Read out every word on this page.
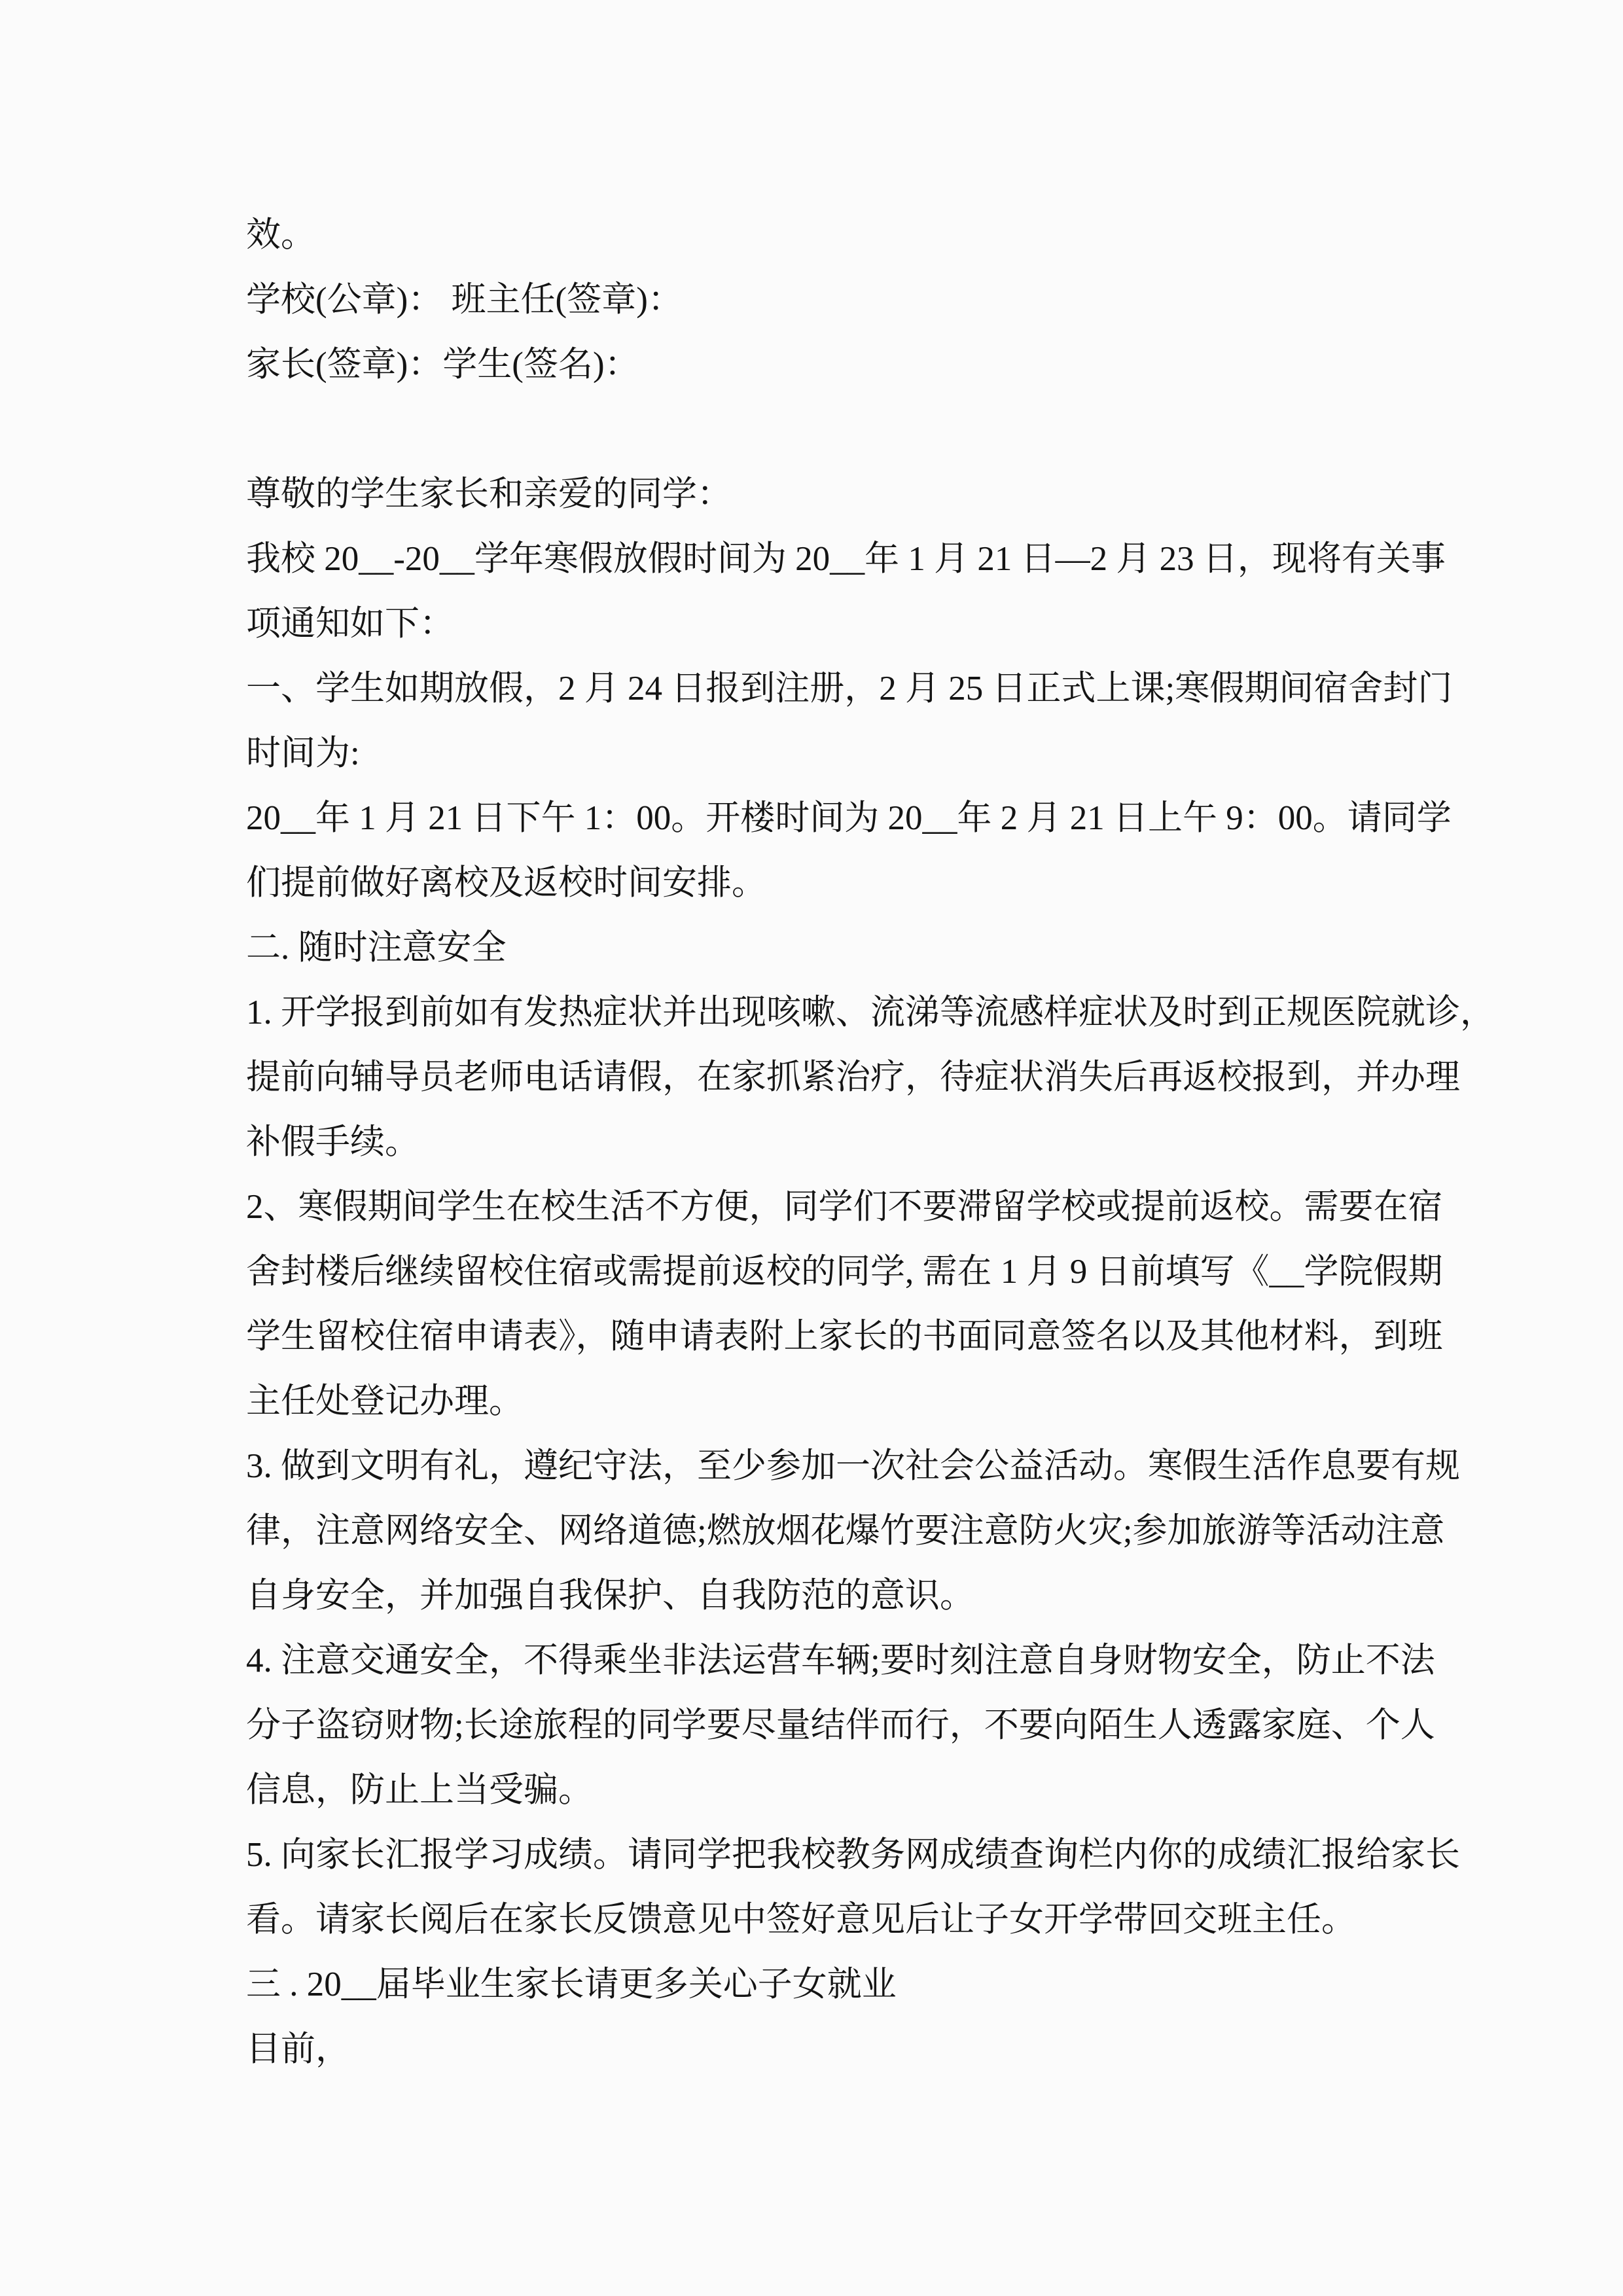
效。
学校(公章)： 班主任(签章)：
家长(签章)：学生(签名)：
尊敬的学生家长和亲爱的同学：
我校 20__-20__学年寒假放假时间为 20__年 1 月 21 日—2 月 23 日，现将有关事
项通知如下：
一、学生如期放假，2 月 24 日报到注册，2 月 25 日正式上课;寒假期间宿舍封门
时间为:
20__年 1 月 21 日下午 1：00。开楼时间为 20__年 2 月 21 日上午 9：00。请同学
们提前做好离校及返校时间安排。
二. 随时注意安全
1. 开学报到前如有发热症状并出现咳嗽、流涕等流感样症状及时到正规医院就诊，
提前向辅导员老师电话请假，在家抓紧治疗，待症状消失后再返校报到，并办理
补假手续。
2、寒假期间学生在校生活不方便，同学们不要滞留学校或提前返校。需要在宿
舍封楼后继续留校住宿或需提前返校的同学, 需在 1 月 9 日前填写《__学院假期
学生留校住宿申请表》，随申请表附上家长的书面同意签名以及其他材料，到班
主任处登记办理。
3. 做到文明有礼，遵纪守法，至少参加一次社会公益活动。寒假生活作息要有规
律，注意网络安全、网络道德;燃放烟花爆竹要注意防火灾;参加旅游等活动注意
自身安全，并加强自我保护、自我防范的意识。
4. 注意交通安全，不得乘坐非法运营车辆;要时刻注意自身财物安全，防止不法
分子盗窃财物;长途旅程的同学要尽量结伴而行，不要向陌生人透露家庭、个人
信息，防止上当受骗。
5. 向家长汇报学习成绩。请同学把我校教务网成绩查询栏内你的成绩汇报给家长
看。请家长阅后在家长反馈意见中签好意见后让子女开学带回交班主任。
三 . 20__届毕业生家长请更多关心子女就业
目前，
